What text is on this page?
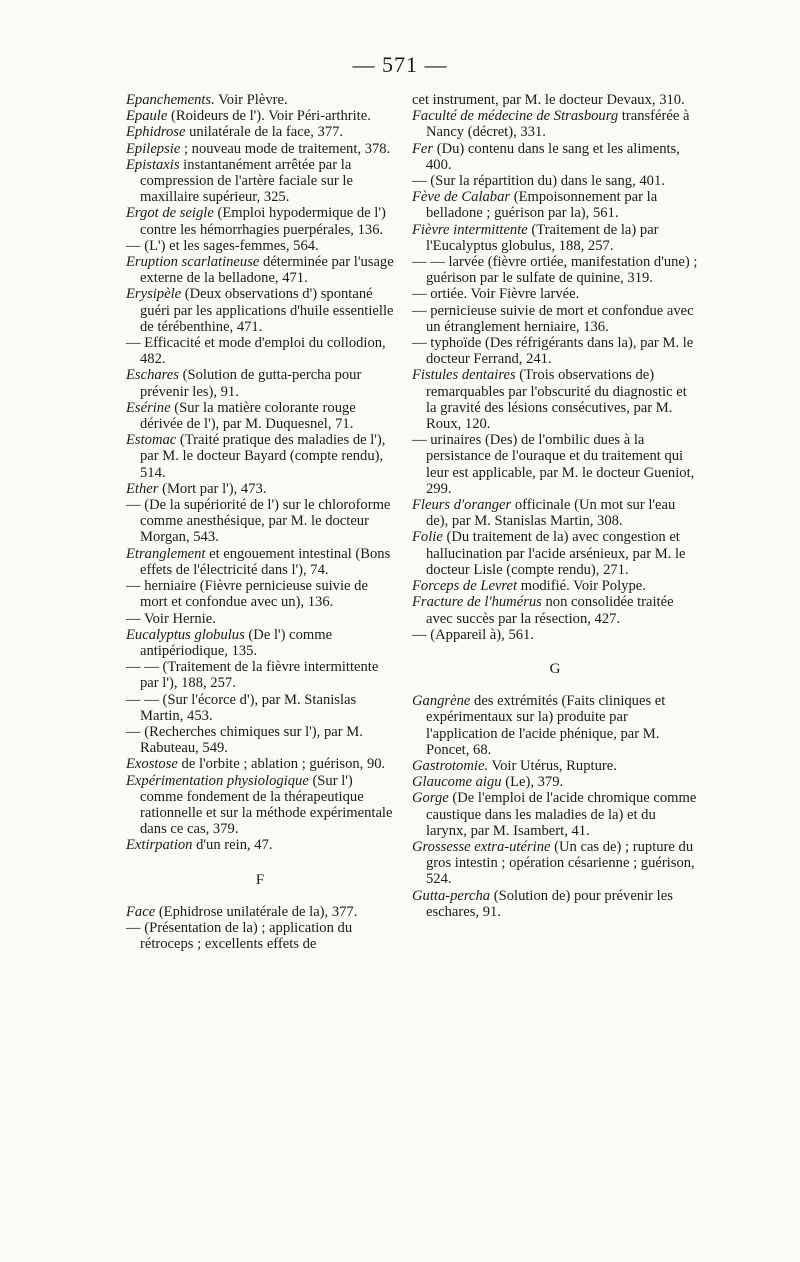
— 571 —

Epanchements. Voir Plèvre.

Epaule (Roideurs de l'). Voir Péri-arthrite.

Ephidrose unilatérale de la face, 377.

Epilepsie ; nouveau mode de traitement, 378.

Epistaxis instantanément arrêtée par la compression de l'artère faciale sur le maxillaire supérieur, 325.

Ergot de seigle (Emploi hypodermique de l') contre les hémorrhagies puerpérales, 136.

— (L') et les sages-femmes, 564.

Eruption scarlatineuse déterminée par l'usage externe de la belladone, 471.

Erysipèle (Deux observations d') spontané guéri par les applications d'huile essentielle de térébenthine, 471.

— Efficacité et mode d'emploi du collodion, 482.

Eschares (Solution de gutta-percha pour prévenir les), 91.

Esérine (Sur la matière colorante rouge dérivée de l'), par M. Duquesnel, 71.

Estomac (Traité pratique des maladies de l'), par M. le docteur Bayard (compte rendu), 514.

Ether (Mort par l'), 473.

— (De la supériorité de l') sur le chloroforme comme anesthésique, par M. le docteur Morgan, 543.

Etranglement et engouement intestinal (Bons effets de l'électricité dans l'), 74.

— herniaire (Fièvre pernicieuse suivie de mort et confondue avec un), 136.

— Voir Hernie.

Eucalyptus globulus (De l') comme antipériodique, 135.

— — (Traitement de la fièvre intermittente par l'), 188, 257.

— — (Sur l'écorce d'), par M. Stanislas Martin, 453.

— (Recherches chimiques sur l'), par M. Rabuteau, 549.

Exostose de l'orbite ; ablation ; guérison, 90.

Expérimentation physiologique (Sur l') comme fondement de la thérapeutique rationnelle et sur la méthode expérimentale dans ce cas, 379.

Extirpation d'un rein, 47.

F

Face (Ephidrose unilatérale de la), 377.

— (Présentation de la) ; application du rétroceps ; excellents effets de

cet instrument, par M. le docteur Devaux, 310.

Faculté de médecine de Strasbourg transférée à Nancy (décret), 331.

Fer (Du) contenu dans le sang et les aliments, 400.

— (Sur la répartition du) dans le sang, 401.

Fève de Calabar (Empoisonnement par la belladone ; guérison par la), 561.

Fièvre intermittente (Traitement de la) par l'Eucalyptus globulus, 188, 257.

— — larvée (fièvre ortiée, manifestation d'une) ; guérison par le sulfate de quinine, 319.

— ortiée. Voir Fièvre larvée.

— pernicieuse suivie de mort et confondue avec un étranglement herniaire, 136.

— typhoïde (Des réfrigérants dans la), par M. le docteur Ferrand, 241.

Fistules dentaires (Trois observations de) remarquables par l'obscurité du diagnostic et la gravité des lésions consécutives, par M. Roux, 120.

— urinaires (Des) de l'ombilic dues à la persistance de l'ouraque et du traitement qui leur est applicable, par M. le docteur Gueniot, 299.

Fleurs d'oranger officinale (Un mot sur l'eau de), par M. Stanislas Martin, 308.

Folie (Du traitement de la) avec congestion et hallucination par l'acide arsénieux, par M. le docteur Lisle (compte rendu), 271.

Forceps de Levret modifié. Voir Polype.

Fracture de l'humérus non consolidée traitée avec succès par la résection, 427.

— (Appareil à), 561.

G

Gangrène des extrémités (Faits cliniques et expérimentaux sur la) produite par l'application de l'acide phénique, par M. Poncet, 68.

Gastrotomie. Voir Utérus, Rupture.

Glaucome aigu (Le), 379.

Gorge (De l'emploi de l'acide chromique comme caustique dans les maladies de la) et du larynx, par M. Isambert, 41.

Grossesse extra-utérine (Un cas de) ; rupture du gros intestin ; opération césarienne ; guérison, 524.

Gutta-percha (Solution de) pour prévenir les eschares, 91.
